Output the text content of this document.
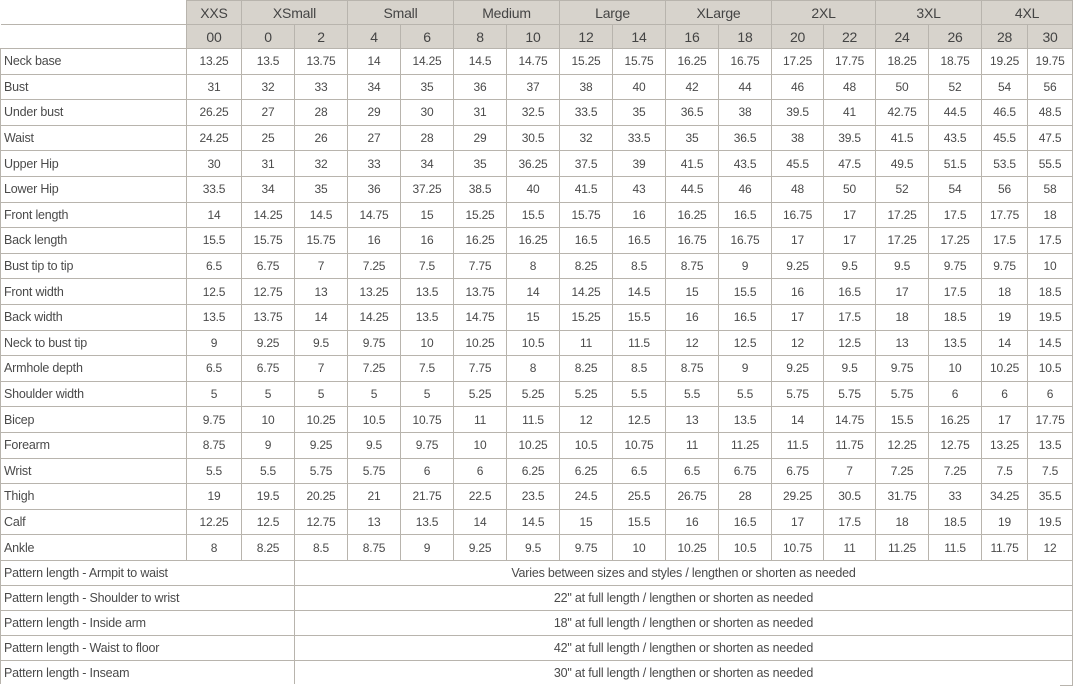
	XXS	XSmall		Small		Medium		Large		XLarge		2XL		3XL		4XL	
	00	0	2	4	6	8	10	12	14	16	18	20	22	24	26	28	30
Neck base	13.25	13.5	13.75	14	14.25	14.5	14.75	15.25	15.75	16.25	16.75	17.25	17.75	18.25	18.75	19.25	19.75
Bust	31	32	33	34	35	36	37	38	40	42	44	46	48	50	52	54	56
Under bust	26.25	27	28	29	30	31	32.5	33.5	35	36.5	38	39.5	41	42.75	44.5	46.5	48.5
Waist	24.25	25	26	27	28	29	30.5	32	33.5	35	36.5	38	39.5	41.5	43.5	45.5	47.5
Upper Hip	30	31	32	33	34	35	36.25	37.5	39	41.5	43.5	45.5	47.5	49.5	51.5	53.5	55.5
Lower Hip	33.5	34	35	36	37.25	38.5	40	41.5	43	44.5	46	48	50	52	54	56	58
Front length	14	14.25	14.5	14.75	15	15.25	15.5	15.75	16	16.25	16.5	16.75	17	17.25	17.5	17.75	18
Back length	15.5	15.75	15.75	16	16	16.25	16.25	16.5	16.5	16.75	16.75	17	17	17.25	17.25	17.5	17.5
Bust tip to tip	6.5	6.75	7	7.25	7.5	7.75	8	8.25	8.5	8.75	9	9.25	9.5	9.5	9.75	9.75	10
Front width	12.5	12.75	13	13.25	13.5	13.75	14	14.25	14.5	15	15.5	16	16.5	17	17.5	18	18.5
Back width	13.5	13.75	14	14.25	13.5	14.75	15	15.25	15.5	16	16.5	17	17.5	18	18.5	19	19.5
Neck to bust tip	9	9.25	9.5	9.75	10	10.25	10.5	11	11.5	12	12.5	12	12.5	13	13.5	14	14.5
Armhole depth	6.5	6.75	7	7.25	7.5	7.75	8	8.25	8.5	8.75	9	9.25	9.5	9.75	10	10.25	10.5
Shoulder width	5	5	5	5	5	5.25	5.25	5.25	5.5	5.5	5.5	5.75	5.75	5.75	6	6	6
Bicep	9.75	10	10.25	10.5	10.75	11	11.5	12	12.5	13	13.5	14	14.75	15.5	16.25	17	17.75
Forearm	8.75	9	9.25	9.5	9.75	10	10.25	10.5	10.75	11	11.25	11.5	11.75	12.25	12.75	13.25	13.5
Wrist	5.5	5.5	5.75	5.75	6	6	6.25	6.25	6.5	6.5	6.75	6.75	7	7.25	7.25	7.5	7.5
Thigh	19	19.5	20.25	21	21.75	22.5	23.5	24.5	25.5	26.75	28	29.25	30.5	31.75	33	34.25	35.5
Calf	12.25	12.5	12.75	13	13.5	14	14.5	15	15.5	16	16.5	17	17.5	18	18.5	19	19.5
Ankle	8	8.25	8.5	8.75	9	9.25	9.5	9.75	10	10.25	10.5	10.75	11	11.25	11.5	11.75	12
Pattern length - Armpit to waist			Varies between sizes and styles / lengthen or shorten as needed														
Pattern length - Shoulder to wrist			22" at full length / lengthen or shorten as needed														
Pattern length - Inside arm			18" at full length / lengthen or shorten as needed														
Pattern length - Waist to floor			42" at full length / lengthen or shorten as needed														
Pattern length - Inseam			30" at full length / lengthen or shorten as needed														
